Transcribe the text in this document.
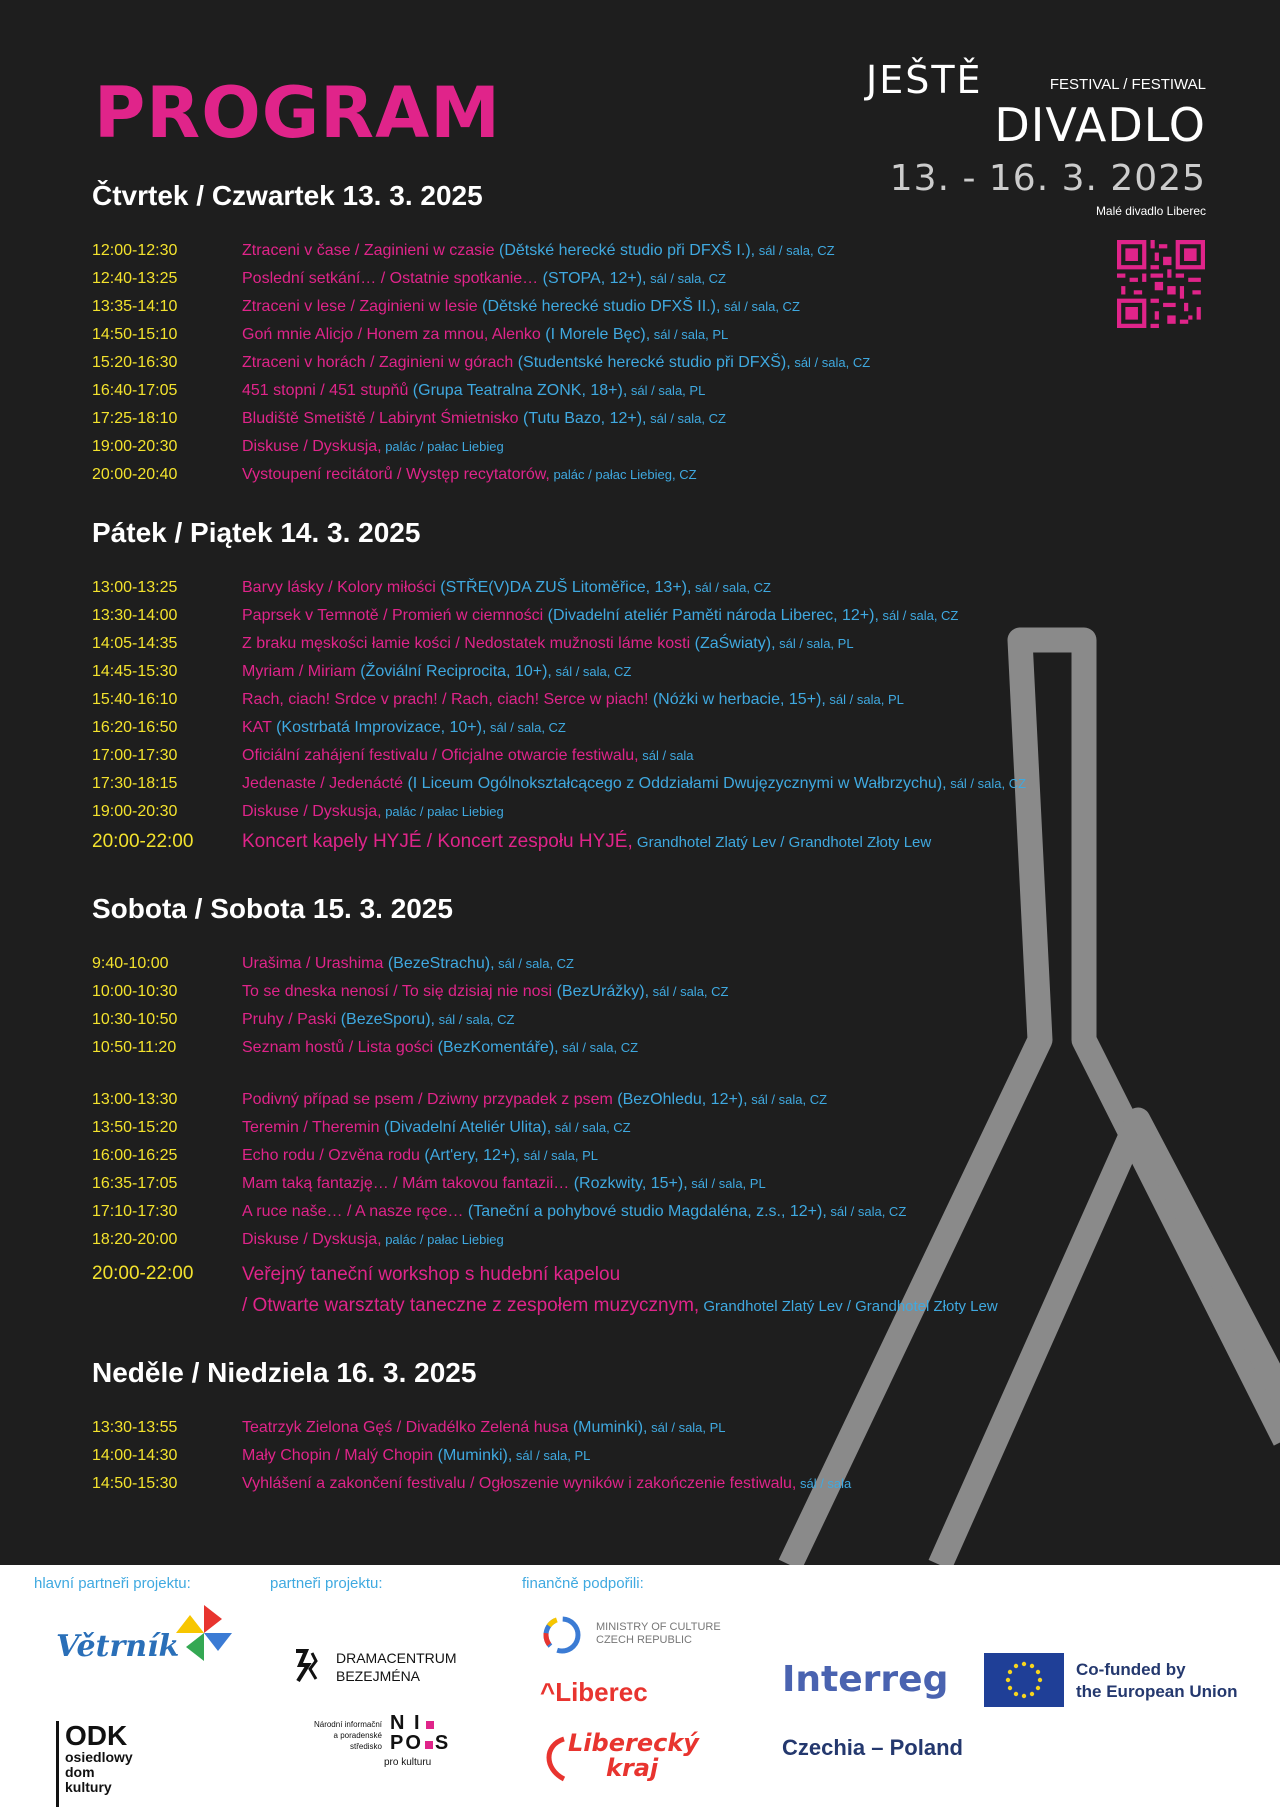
PROGRAM	JEŠTĚ	FESTIVAL / FESTIWAL
DIVADLO
13. - 16. 3. 2025
Malé divadlo Liberec
Čtvrtek / Czwartek 13. 3. 2025
12:00-12:30	Ztraceni v čase / Zaginieni w czasie (Dětské herecké studio při DFXŠ I.), sál / sala, CZ
12:40-13:25	Poslední setkání… / Ostatnie spotkanie… (STOPA, 12+), sál / sala, CZ
13:35-14:10	Ztraceni v lese / Zaginieni w lesie (Dětské herecké studio DFXŠ II.), sál / sala, CZ
14:50-15:10	Goń mnie Alicjo / Honem za mnou, Alenko (I Morele Bęc), sál / sala, PL
15:20-16:30	Ztraceni v horách / Zaginieni w górach (Studentské herecké studio při DFXŠ), sál / sala, CZ
16:40-17:05	451 stopni / 451 stupňů (Grupa Teatralna ZONK, 18+), sál / sala, PL
17:25-18:10	Bludiště Smetiště / Labirynt Śmietnisko (Tutu Bazo, 12+), sál / sala, CZ
19:00-20:30	Diskuse / Dyskusja, palác / pałac Liebieg
20:00-20:40	Vystoupení recitátorů / Występ recytatorów, palác / pałac Liebieg, CZ
Pátek / Piątek 14. 3. 2025
13:00-13:25	Barvy lásky / Kolory miłości (STŘE(V)DA ZUŠ Litoměřice, 13+), sál / sala, CZ
13:30-14:00	Paprsek v Temnotě / Promień w ciemności (Divadelní ateliér Paměti národa Liberec, 12+), sál / sala, CZ
14:05-14:35	Z braku męskości łamie kości / Nedostatek mužnosti láme kosti (ZaŚwiaty), sál / sala, PL
14:45-15:30	Myriam / Miriam (Žoviální Reciprocita, 10+), sál / sala, CZ
15:40-16:10	Rach, ciach! Srdce v prach! / Rach, ciach! Serce w piach! (Nóżki w herbacie, 15+), sál / sala, PL
16:20-16:50	KAT (Kostrbatá Improvizace, 10+), sál / sala, CZ
17:00-17:30	Oficiální zahájení festivalu / Oficjalne otwarcie festiwalu, sál / sala
17:30-18:15	Jedenaste / Jedenácté (I Liceum Ogólnokształcącego z Oddziałami Dwujęzycznymi w Wałbrzychu), sál / sala, CZ
19:00-20:30	Diskuse / Dyskusja, palác / pałac Liebieg
20:00-22:00	Koncert kapely HYJÉ / Koncert zespołu HYJÉ, Grandhotel Zlatý Lev / Grandhotel Złoty Lew
Sobota / Sobota 15. 3. 2025
9:40-10:00	Urašima / Urashima (BezeStrachu), sál / sala, CZ
10:00-10:30	To se dneska nenosí / To się dzisiaj nie nosi (BezUrážky), sál / sala, CZ
10:30-10:50	Pruhy / Paski (BezeSporu), sál / sala, CZ
10:50-11:20	Seznam hostů / Lista gości (BezKomentáře), sál / sala, CZ
13:00-13:30	Podivný případ se psem / Dziwny przypadek z psem (BezOhledu, 12+), sál / sala, CZ
13:50-15:20	Teremin / Theremin (Divadelní Ateliér Ulita), sál / sala, CZ
16:00-16:25	Echo rodu / Ozvěna rodu (Art'ery, 12+), sál / sala, PL
16:35-17:05	Mam taką fantazję… / Mám takovou fantazii… (Rozkwity, 15+), sál / sala, PL
17:10-17:30	A ruce naše… / A nasze ręce… (Taneční a pohybové studio Magdaléna, z.s., 12+), sál / sala, CZ
18:20-20:00	Diskuse / Dyskusja, palác / pałac Liebieg
20:00-22:00	Veřejný taneční workshop s hudební kapelou
/ Otwarte warsztaty taneczne z zespołem muzycznym, Grandhotel Zlatý Lev / Grandhotel Złoty Lew
Neděle / Niedziela 16. 3. 2025
13:30-13:55	Teatrzyk Zielona Gęś / Divadélko Zelená husa (Muminki), sál / sala, PL
14:00-14:30	Mały Chopin / Malý Chopin (Muminki), sál / sala, PL
14:50-15:30	Vyhlášení a zakončení festivalu / Ogłoszenie wyników i zakończenie festiwalu, sál / sala
hlavní partneři projektu:	partneři projektu:	finančně podpořili:
Větrník
ODK
osiedlowy
dom
kultury
DRAMACENTRUM
BEZEJMÉNA
Národní informační
a poradenské
středisko
N I
PO S
pro kulturu
MINISTRY OF CULTURE
CZECH REPUBLIC
^Liberec
Liberecký
kraj
Interreg
Czechia – Poland
Co-funded by
the European Union
